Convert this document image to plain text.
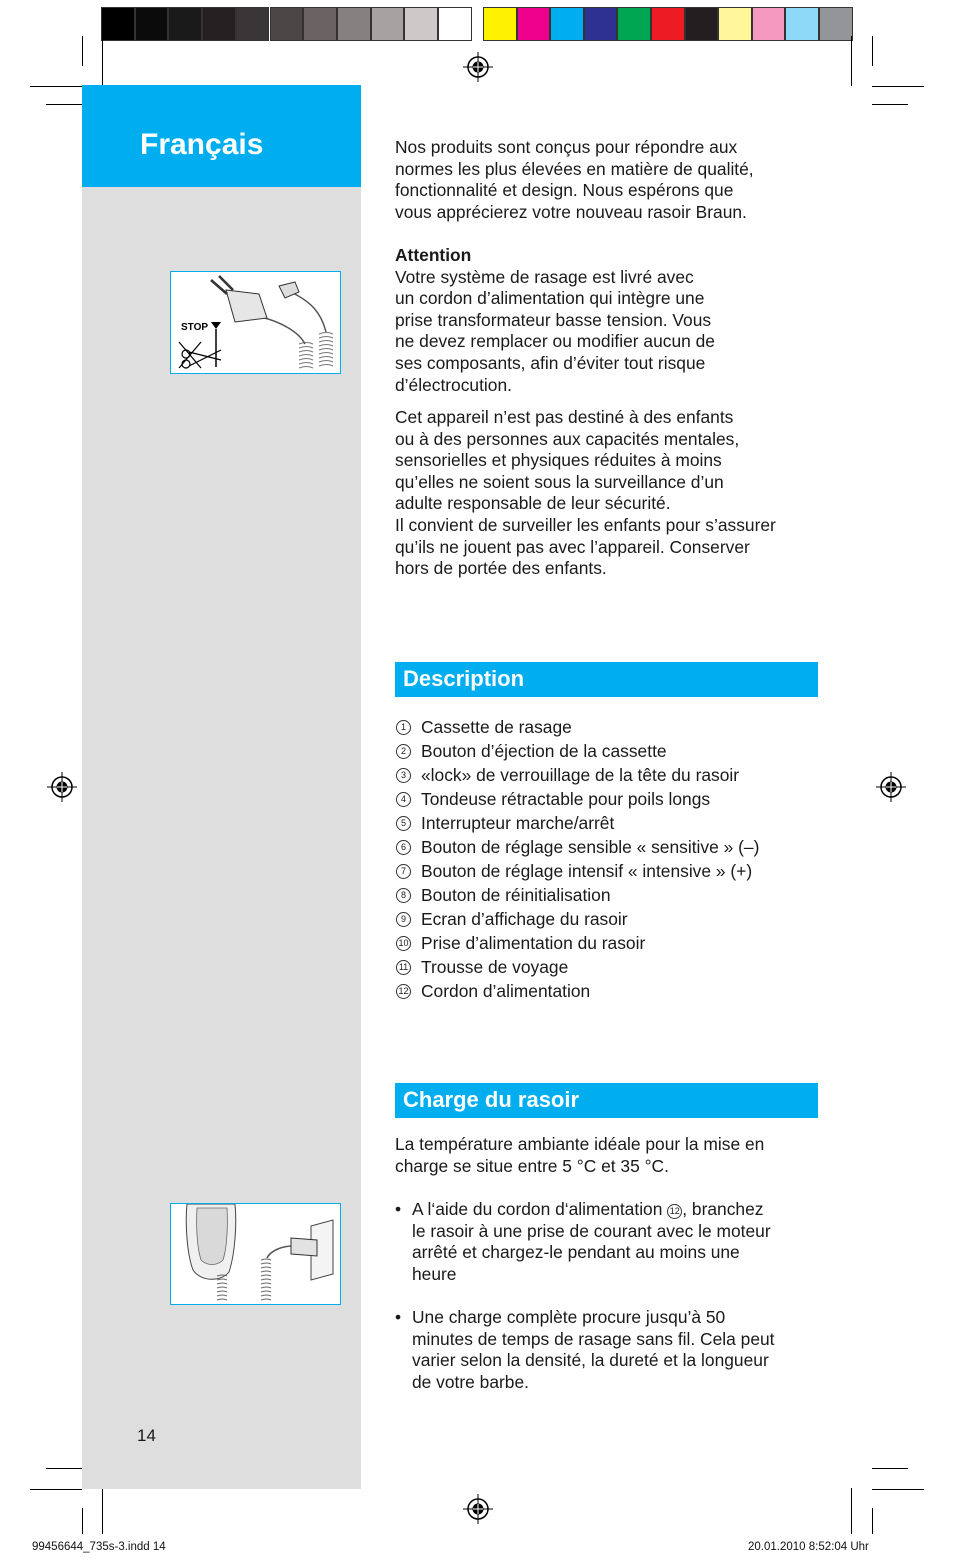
Français
STOP

Nos produits sont conçus pour répondre aux

normes les plus élevées en matière de qualité,

fonctionnalité et design. Nous espérons que

vous apprécierez votre nouveau rasoir Braun.

Attention

Votre système de rasage est livré avec

un cordon d’alimentation qui intègre une

prise transformateur basse tension. Vous

ne devez remplacer ou modifier aucun de

ses composants, afin d’éviter tout risque

d’électrocution.

Cet appareil n’est pas destiné à des enfants

ou à des personnes aux capacités mentales,

sensorielles et physiques réduites à moins

qu’elles ne soient sous la surveillance d’un

adulte responsable de leur sécurité.

Il convient de surveiller les enfants pour s’assurer

qu’ils ne jouent pas avec l’appareil. Conserver

hors de portée des enfants.

Description
1 Cassette de rasage
2 Bouton d’éjection de la cassette
3 «lock» de verrouillage de la tête du rasoir
4 Tondeuse rétractable pour poils longs
5 Interrupteur marche/arrêt
6 Bouton de réglage sensible « sensitive » (–)
7 Bouton de réglage intensif « intensive » (+)
8 Bouton de réinitialisation
9 Ecran d’affichage du rasoir
10 Prise d’alimentation du rasoir
11 Trousse de voyage
12 Cordon d’alimentation
Charge du rasoir

La température ambiante idéale pour la mise en

charge se situe entre 5 °C et 35 °C.

• A l‘aide du cordon d‘alimentation 12 , branchez
le rasoir à une prise de courant avec le moteur
arrêté et chargez-le pendant au moins une
heure
• Une charge complète procure jusqu’à 50
minutes de temps de rasage sans fil. Cela peut
varier selon la densité, la dureté et la longueur
de votre barbe.
14
99456644_735s-3.indd 14	20.01.2010 8:52:04 Uhr
